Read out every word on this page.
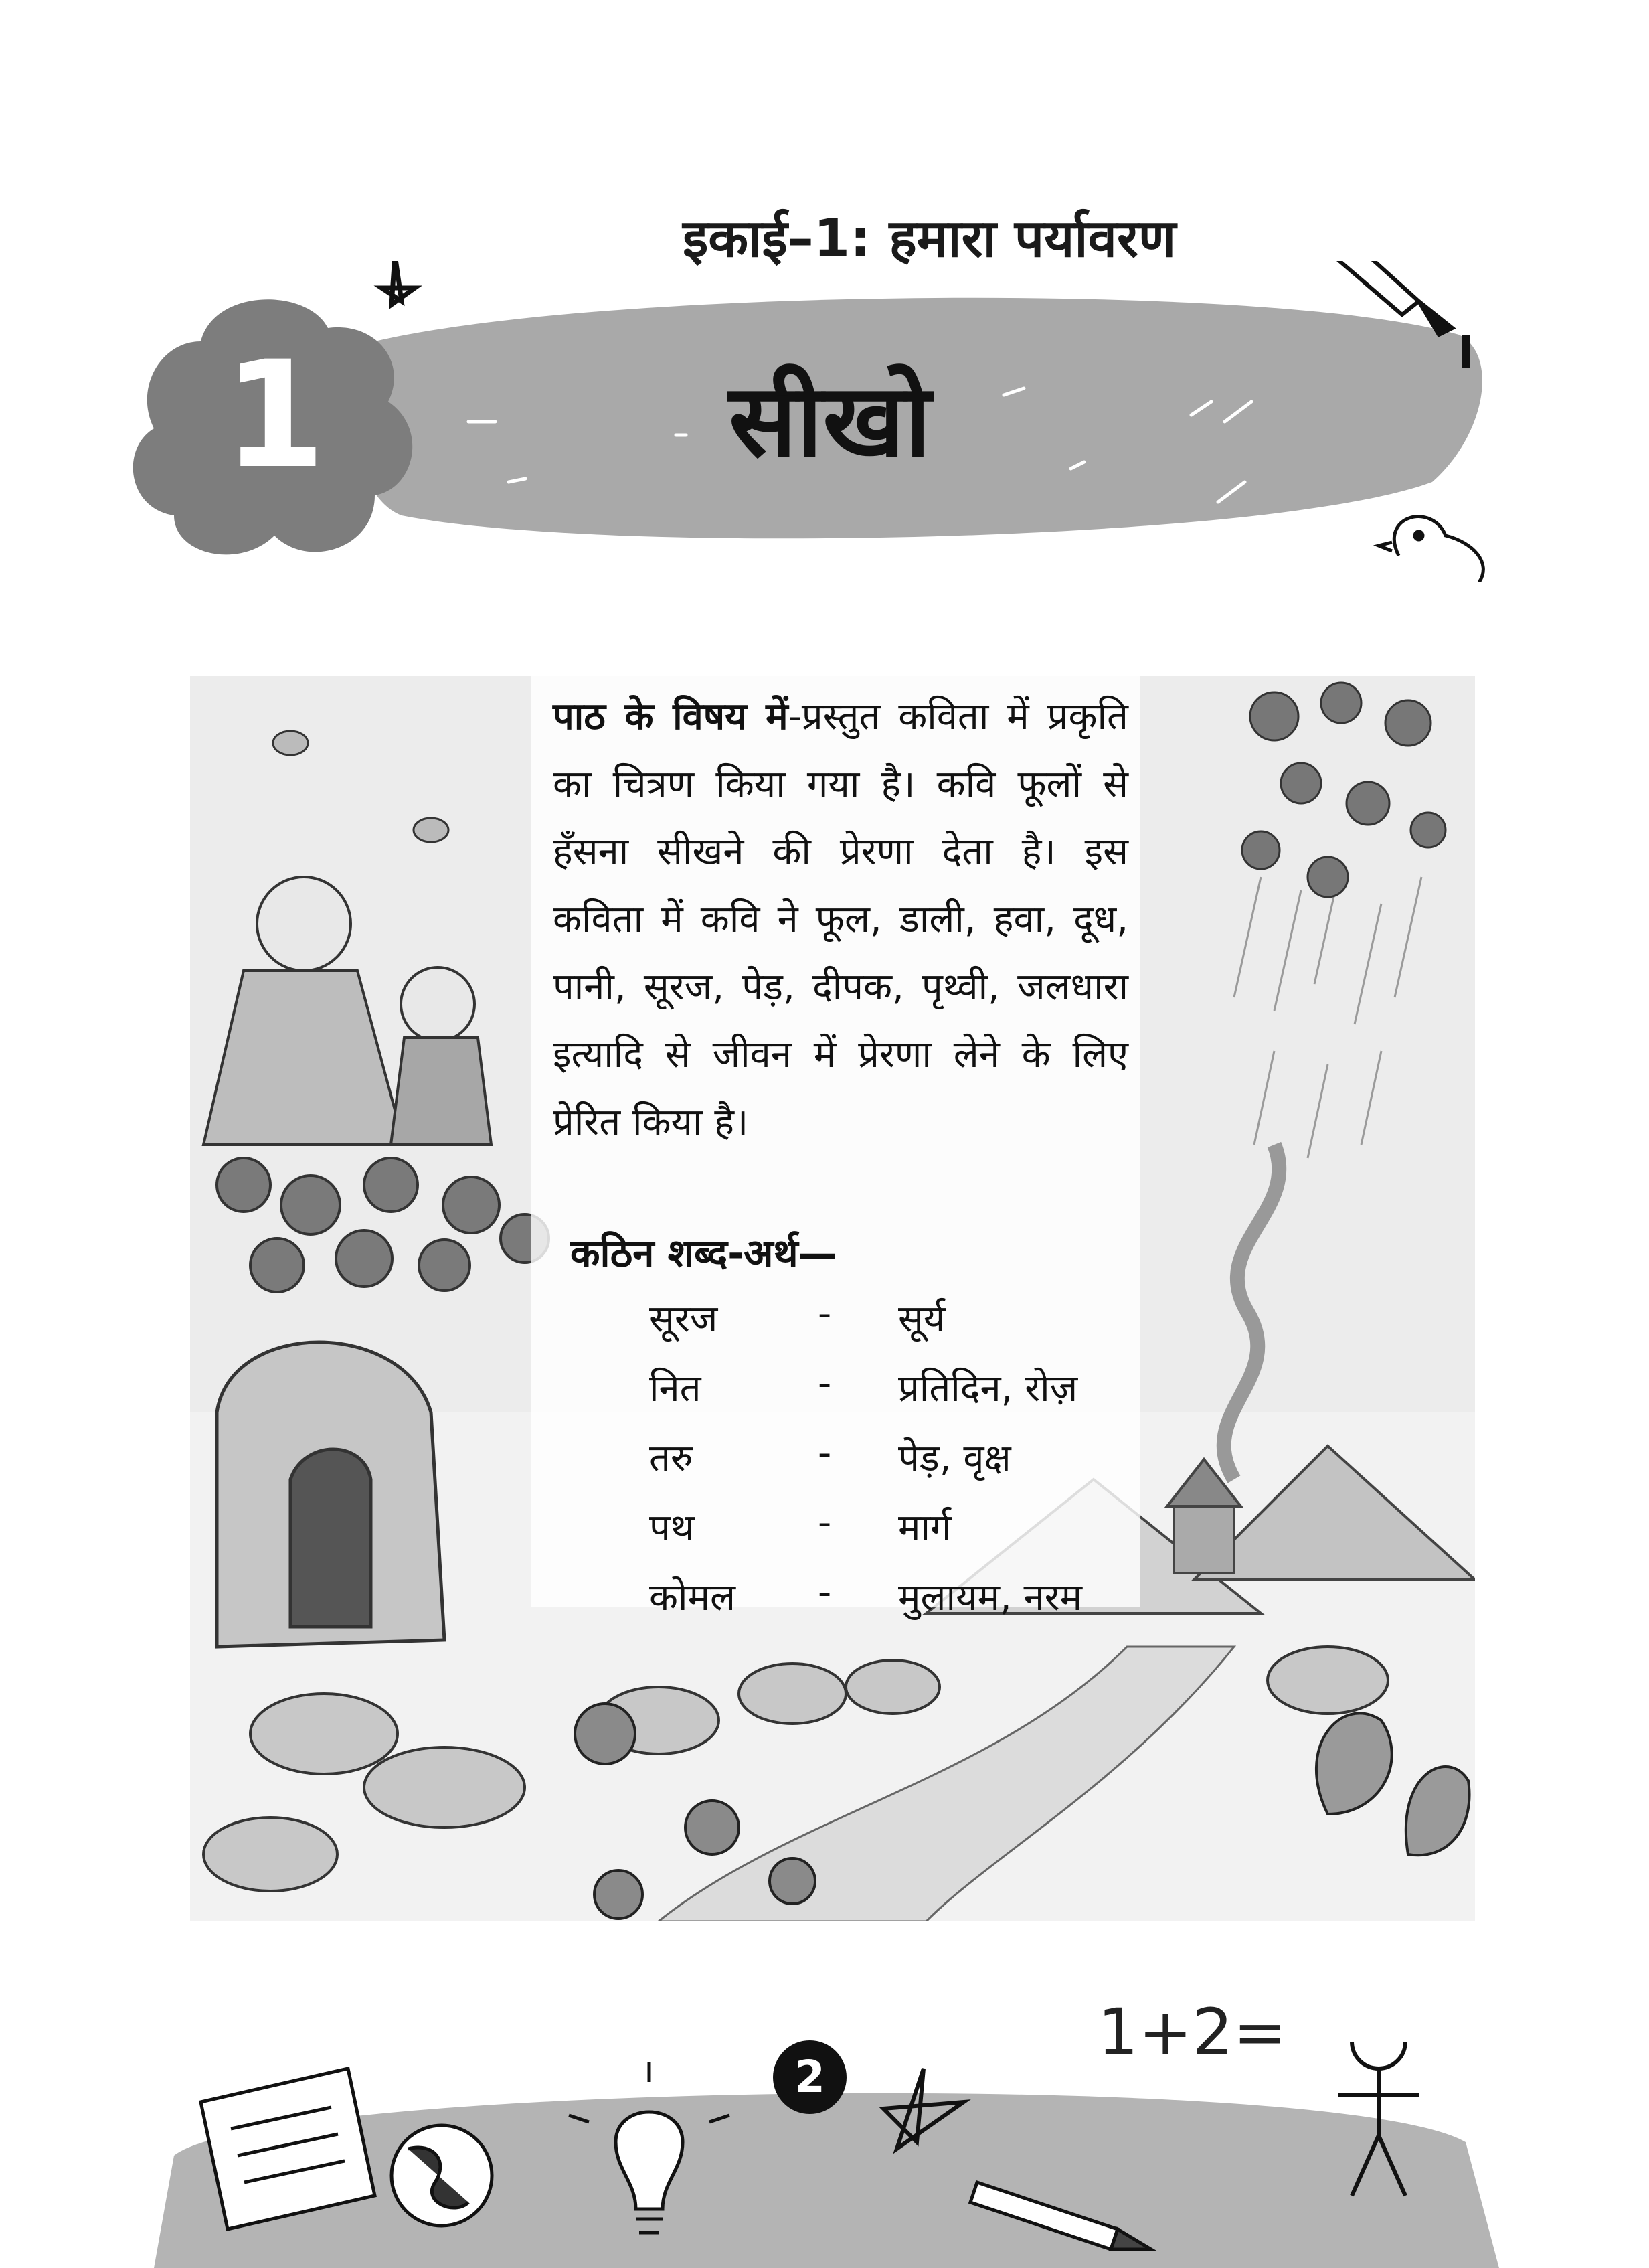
इकाई–1: हमारा पर्यावरण
1	सीखो
पाठ के विषय में-प्रस्तुत कविता में प्रकृति का चित्रण किया गया है। कवि फूलों से हँसना सीखने की प्रेरणा देता है। इस कविता में कवि ने फूल, डाली, हवा, दूध, पानी, सूरज, पेड़, दीपक, पृथ्वी, जलधारा इत्यादि से जीवन में प्रेरणा लेने के लिए प्रेरित किया है।
कठिन शब्द-अर्थ—
सूरज	- सूर्य
नित	- प्रतिदिन, रोज़
तरु	- पेड़, वृक्ष
पथ	- मार्ग
कोमल - मुलायम, नरम
2
1+2=
